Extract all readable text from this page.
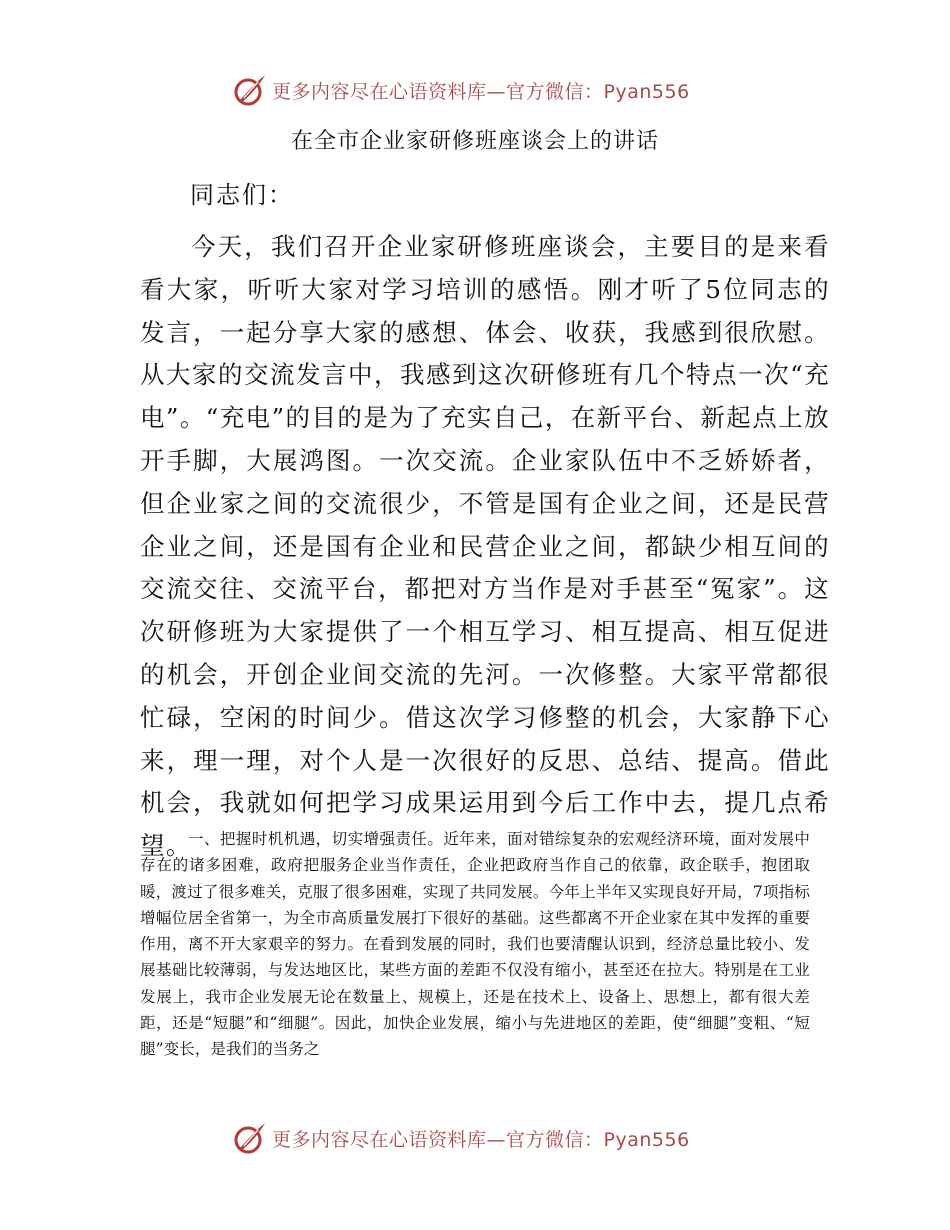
更多内容尽在心语资料库—官方微信：Pyan556
在全市企业家研修班座谈会上的讲话
同志们：

今天，我们召开企业家研修班座谈会，主要目的是来看看大家，听听大家对学习培训的感悟。刚才听了5位同志的发言，一起分享大家的感想、体会、收获，我感到很欣慰。从大家的交流发言中，我感到这次研修班有几个特点一次“充电”。“充电”的目的是为了充实自己，在新平台、新起点上放开手脚，大展鸿图。一次交流。企业家队伍中不乏娇娇者，但企业家之间的交流很少，不管是国有企业之间，还是民营企业之间，还是国有企业和民营企业之间，都缺少相互间的交流交往、交流平台，都把对方当作是对手甚至“冤家”。这次研修班为大家提供了一个相互学习、相互提高、相互促进的机会，开创企业间交流的先河。一次修整。大家平常都很忙碌，空闲的时间少。借这次学习修整的机会，大家静下心来，理一理，对个人是一次很好的反思、总结、提高。借此机会，我就如何把学习成果运用到今后工作中去，提几点希望。

一、把握时机机遇，切实增强责任。近年来，面对错综复杂的宏观经济环境，面对发展中存在的诸多困难，政府把服务企业当作责任，企业把政府当作自己的依靠，政企联手，抱团取暖，渡过了很多难关，克服了很多困难，实现了共同发展。今年上半年又实现良好开局，7项指标增幅位居全省第一，为全市高质量发展打下很好的基础。这些都离不开企业家在其中发挥的重要作用，离不开大家艰辛的努力。在看到发展的同时，我们也要清醒认识到，经济总量比较小、发展基础比较薄弱，与发达地区比，某些方面的差距不仅没有缩小，甚至还在拉大。特别是在工业发展上，我市企业发展无论在数量上、规模上，还是在技术上、设备上、思想上，都有很大差距，还是“短腿”和“细腿”。因此，加快企业发展，缩小与先进地区的差距，使“细腿”变粗、“短腿”变长，是我们的当务之

更多内容尽在心语资料库—官方微信：Pyan556
